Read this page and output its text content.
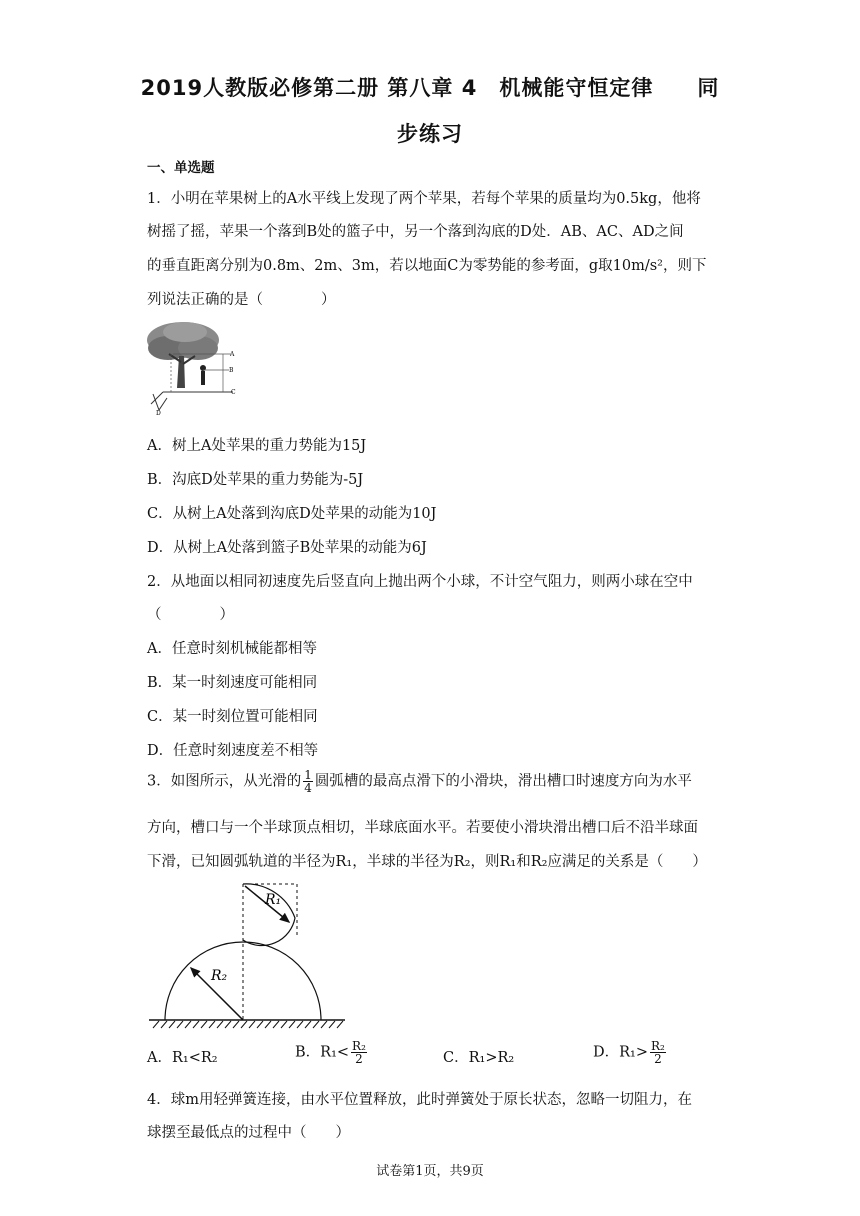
2019人教版必修第二册 第八章 4　机械能守恒定律　　同
步练习
一、单选题
1．小明在苹果树上的A水平线上发现了两个苹果，若每个苹果的质量均为0.5kg，他将
树摇了摇，苹果一个落到B处的篮子中，另一个落到沟底的D处．AB、AC、AD之间
的垂直距离分别为0.8m、2m、3m，若以地面C为零势能的参考面，g取10m/s²，则下
列说法正确的是（　　　　）
A
B
C
D
A．树上A处苹果的重力势能为15J
B．沟底D处苹果的重力势能为-5J
C．从树上A处落到沟底D处苹果的动能为10J
D．从树上A处落到篮子B处苹果的动能为6J
2．从地面以相同初速度先后竖直向上抛出两个小球，不计空气阻力，则两小球在空中
（　　　　）
A．任意时刻机械能都相等
B．某一时刻速度可能相同
C．某一时刻位置可能相同
D．任意时刻速度差不相等
3．如图所示，从光滑的 $\frac{1}{4}$ 圆弧槽的最高点滑下的小滑块，滑出槽口时速度方向为水平
方向，槽口与一个半球顶点相切，半球底面水平。若要使小滑块滑出槽口后不沿半球面
下滑，已知圆弧轨道的半径为R₁，半球的半径为R₂，则R₁和R₂应满足的关系是（　　）
R₁
R₂
A．R₁<R₂	B．$R_1< \frac{\text{R₂}}{2}$	C．R₁>R₂	D．$R_1> \frac{\text{R₂}}{2}$
4．球m用轻弹簧连接，由水平位置释放，此时弹簧处于原长状态，忽略一切阻力，在
球摆至最低点的过程中（　　）
试卷第1页，共9页
